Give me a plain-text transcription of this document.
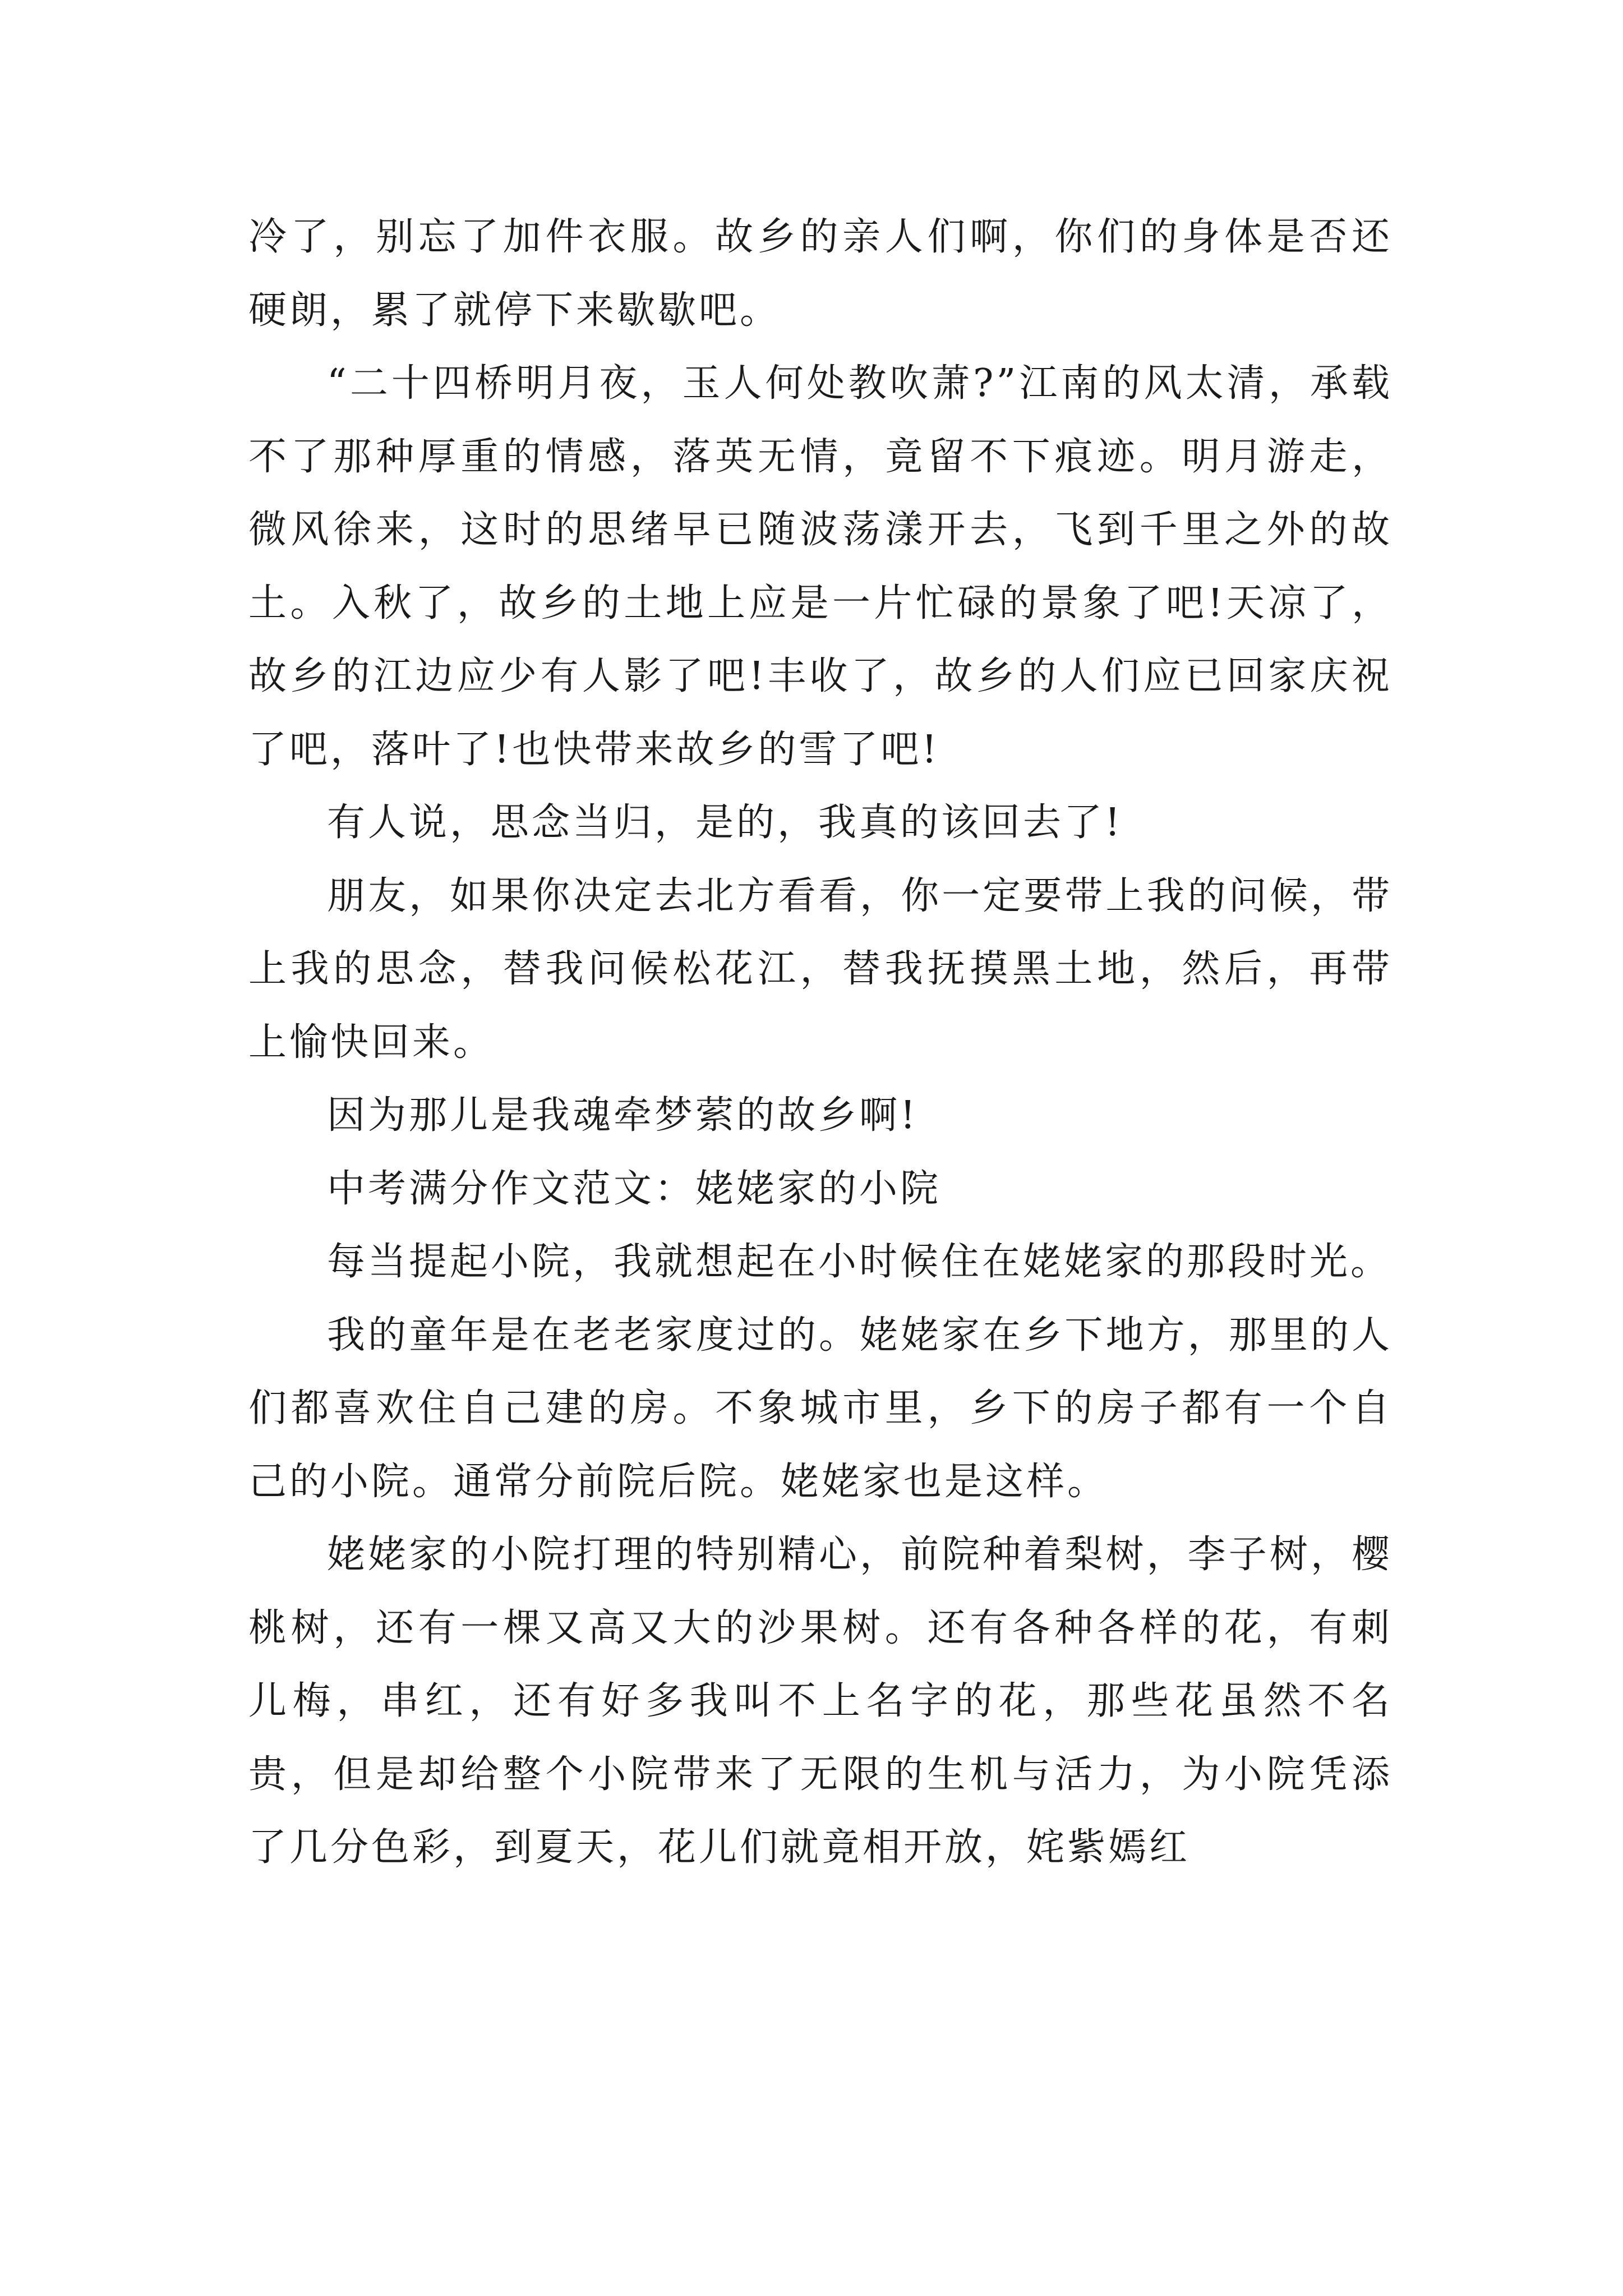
冷了，别忘了加件衣服。故乡的亲人们啊，你们的身体是否还硬朗，累了就停下来歇歇吧。

“二十四桥明月夜，玉人何处教吹萧?”江南的风太清，承载不了那种厚重的情感，落英无情，竟留不下痕迹。明月游走，微风徐来，这时的思绪早已随波荡漾开去，飞到千里之外的故土。入秋了，故乡的土地上应是一片忙碌的景象了吧!天凉了，故乡的江边应少有人影了吧!丰收了，故乡的人们应已回家庆祝了吧，落叶了!也快带来故乡的雪了吧!

有人说，思念当归，是的，我真的该回去了!

朋友，如果你决定去北方看看，你一定要带上我的问候，带上我的思念，替我问候松花江，替我抚摸黑土地，然后，再带上愉快回来。

因为那儿是我魂牵梦萦的故乡啊!

中考满分作文范文：姥姥家的小院

每当提起小院，我就想起在小时候住在姥姥家的那段时光。

我的童年是在老老家度过的。姥姥家在乡下地方，那里的人们都喜欢住自己建的房。不象城市里，乡下的房子都有一个自己的小院。通常分前院后院。姥姥家也是这样。

姥姥家的小院打理的特别精心，前院种着梨树，李子树，樱桃树，还有一棵又高又大的沙果树。还有各种各样的花，有刺儿梅，串红，还有好多我叫不上名字的花，那些花虽然不名贵，但是却给整个小院带来了无限的生机与活力，为小院凭添了几分色彩，到夏天，花儿们就竟相开放，姹紫嫣红
